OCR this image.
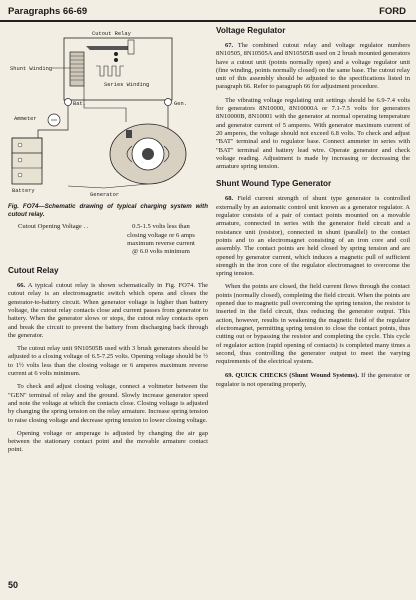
Paragraphs 66-69	FORD
Cutout Relay
Shunt Winding
Series Winding
Bat.	Gen.
Ammeter
Battery
Generator
Fig. FO74—Schematic drawing of typical charging system with cutout relay.
Cutout Opening Voltage . .	0.5-1.5 volts less than
closing voltage or 6 amps
maximum reverse current
@ 6.0 volts minimum
Cutout Relay

66. A typical cutout relay is shown schematically in Fig. FO74. The cutout relay is an electromagnetic switch which opens and closes the generator-to-battery circuit. When generator voltage is higher than battery voltage, the cutout relay contacts close and current passes from generator to battery. When the generator slows or stops, the cutout relay contacts open and break the circuit to prevent the battery from discharging back through the generator.

The cutout relay unit 9N10505B used with 3 brush generators should be adjusted to a closing voltage of 6.5-7.25 volts. Opening voltage should be ½ to 1½ volts less than the closing voltage or 6 amperes maximum reverse current at 6 volts minimum.

To check and adjust closing voltage, connect a voltmeter between the "GEN" terminal of relay and the ground. Slowly increase generator speed and note the voltage at which the contacts close. Closing voltage is adjusted by changing the spring tension on the relay armature. Increase spring tension to raise closing voltage and decrease spring tension to lower closing voltage.

Opening voltage or amperage is adjusted by changing the air gap between the stationary contact point and the movable armature contact point.

Voltage Regulator

67. The combined cutout relay and voltage regulator numbers 8N10505, 8N10505A and 8N10505B used on 2 brush mounted generators have a cutout unit (points normally open) and a voltage regulator unit (fine winding, points normally closed) on the same base. The cutout relay unit of this assembly should be adjusted to the specifications listed in paragraph 66. Refer to paragraph 66 for adjustment procedure.

The vibrating voltage regulating unit settings should be 6.9-7.4 volts for generators 8N10000, 8N10000A or 7.1-7.5 volts for generators 8N10000B, 8N10001 with the generator at normal operating temperature and generator current of 5 amperes. With generator maximum current of 20 amperes, the voltage should not exceed 6.8 volts. To check and adjust "BAT" terminal and to regulator base. Connect ammeter in series with "BAT" terminal and battery lead wire. Operate generator and check voltage reading. Adjustment is made by increasing or decreasing the armature spring tension.

Shunt Wound Type Generator

68. Field current strength of shunt type generator is controlled externally by an automatic control unit known as a generator regulator. A regulator consists of a pair of contact points mounted on a movable armature, connected in series with the generator field circuit and a resistance unit (resistor), connected in shunt (parallel) to the contact points and to an electromagnet consisting of an iron core and coil assembly. The contact points are held closed by spring tension and are opened by generator current, which induces a magnetic pull of sufficient strength in the iron core of the regulator electromagnet to overcome the spring tension.

When the points are closed, the field current flows through the contact points (normally closed), completing the field circuit. When the points are opened due to magnetic pull overcoming the spring tension, the resistor is inserted in the field circuit, thus reducing the generator output. This action, however, results in weakening the magnetic field of the regulator electromagnet, permitting spring tension to close the contact points, thus cutting out or bypassing the resistor and completing the cycle. This cycle of regulator action (rapid opening of contacts) is completed many times a second, thus controlling the generator output to meet the varying requirements of the electrical system.

69. QUICK CHECKS (Shunt Wound Systems). If the generator or regulator is not operating properly,

50
